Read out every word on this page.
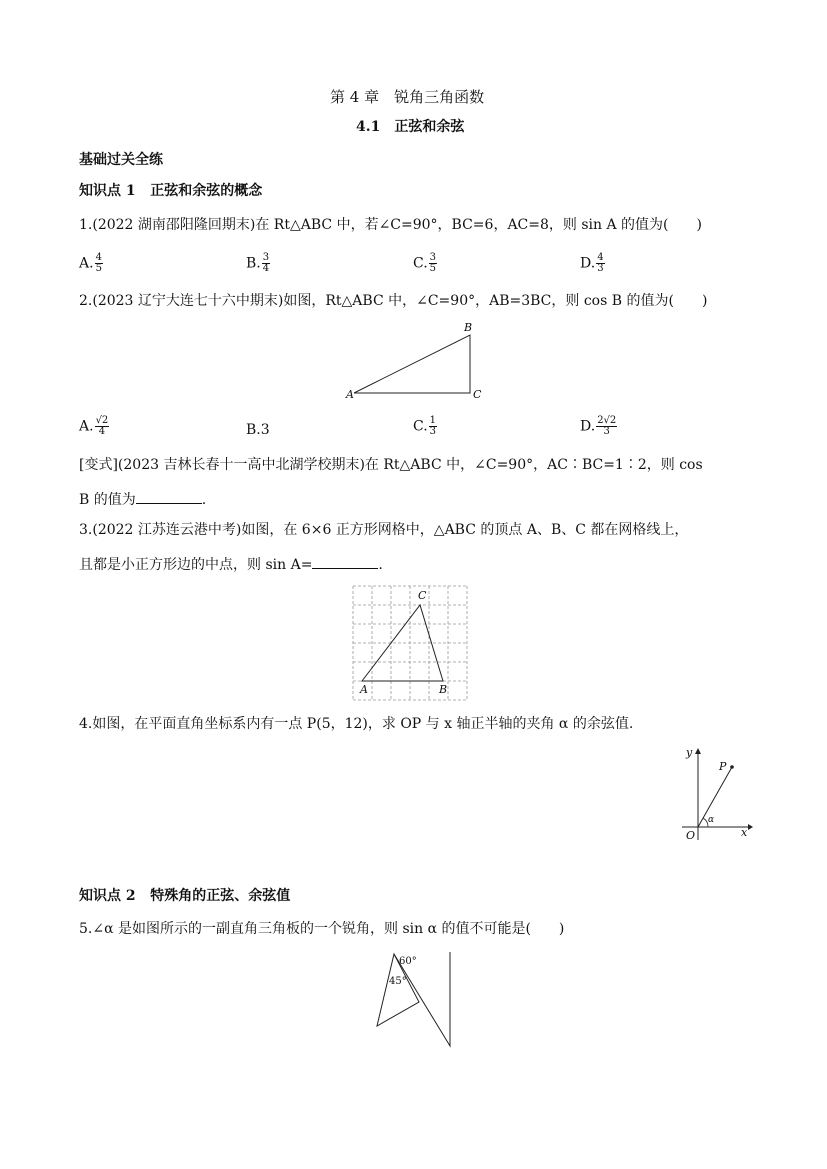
第 4 章　锐角三角函数
4.1　正弦和余弦
基础过关全练
知识点 1 正弦和余弦的概念
1.(2022 湖南邵阳隆回期末)在 Rt△ABC 中，若∠C=90°，BC=6，AC=8，则 sin A 的值为(　　)
A. $\frac{4}{5}$	B. $\frac{3}{4}$	C. $\frac{3}{5}$	D. $\frac{4}{3}$
2.(2023 辽宁大连七十六中期末)如图，Rt△ABC 中，∠C=90°，AB=3BC，则 cos B 的值为(　　)
A
B
C
A. $\frac{√2}{4}$	B.3	C. $\frac{1}{3}$	D. $\frac{2√2}{3}$
[变式](2023 吉林长春十一高中北湖学校期末)在 Rt△ABC 中，∠C=90°，AC∶BC=1∶2，则 cos
B 的值为	.
3.(2022 江苏连云港中考)如图，在 6×6 正方形网格中，△ABC 的顶点 A、B、C 都在网格线上，
且都是小正方形边的中点，则 sin A=	.
A	B
C
4.如图，在平面直角坐标系内有一点 P(5，12)，求 OP 与 x 轴正半轴的夹角 α 的余弦值.
y
x
O
P
α
知识点 2 特殊角的正弦、余弦值
5.∠α 是如图所示的一副直角三角板的一个锐角，则 sin α 的值不可能是(　　)
60°
45°
